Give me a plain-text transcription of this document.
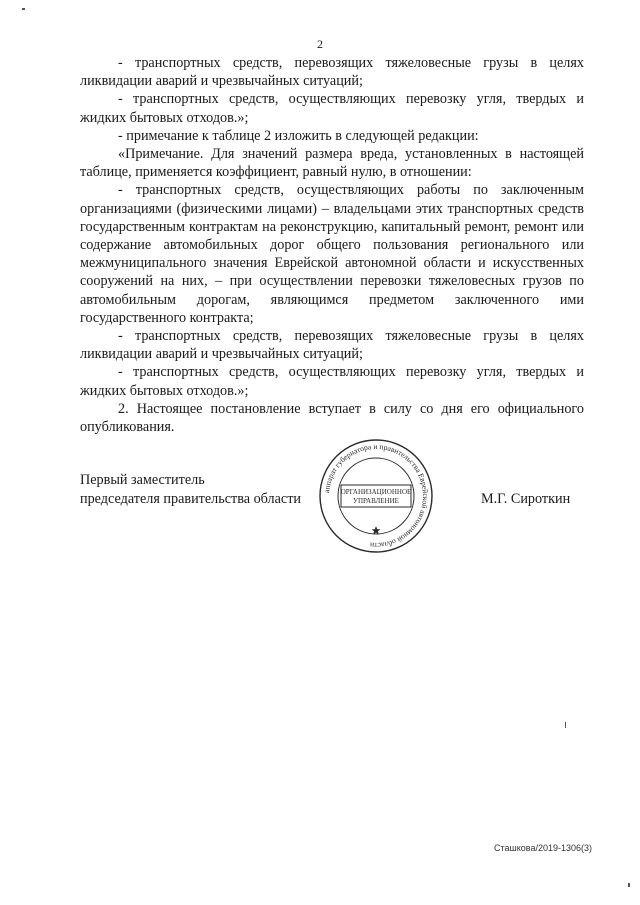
2

- транспортных средств, перевозящих тяжеловесные грузы в целях ликвидации аварий и чрезвычайных ситуаций;

- транспортных средств, осуществляющих перевозку угля, твердых и жидких бытовых отходов.»;

- примечание к таблице 2 изложить в следующей редакции:

«Примечание. Для значений размера вреда, установленных в настоящей таблице, применяется коэффициент, равный нулю, в отношении:

- транспортных средств, осуществляющих работы по заключенным организациями (физическими лицами) – владельцами этих транспортных средств государственным контрактам на реконструкцию, капитальный ремонт, ремонт или содержание автомобильных дорог общего пользования регионального или межмуниципального значения Еврейской автономной области и искусственных сооружений на них, – при осуществлении перевозки тяжеловесных грузов по автомобильным дорогам, являющимся предметом заключенного ими государственного контракта;

- транспортных средств, перевозящих тяжеловесные грузы в целях ликвидации аварий и чрезвычайных ситуаций;

- транспортных средств, осуществляющих перевозку угля, твердых и жидких бытовых отходов.»;

2. Настоящее постановление вступает в силу со дня его официального опубликования.

Первый заместитель
председателя правительства области	аппарат губернатора и правительства Еврейской автономной области
ОРГАНИЗАЦИОННОЕ
УПРАВЛЕНИЕ	М.Г. Сироткин
Сташкова/2019-1306(3)
